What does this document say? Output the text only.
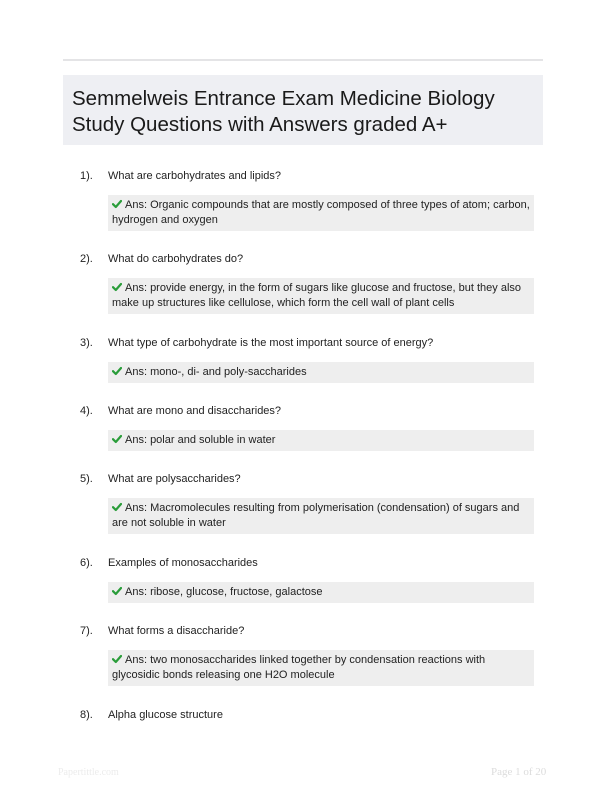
Semmelweis Entrance Exam Medicine Biology
Study Questions with Answers graded A+
1).	What are carbohydrates and lipids?
Ans: Organic compounds that are mostly composed of three types of atom; carbon, hydrogen and oxygen
2).	What do carbohydrates do?
Ans: provide energy, in the form of sugars like glucose and fructose, but they also make up structures like cellulose, which form the cell wall of plant cells
3).	What type of carbohydrate is the most important source of energy?
Ans: mono-, di- and poly-saccharides
4).	What are mono and disaccharides?
Ans: polar and soluble in water
5).	What are polysaccharides?
Ans: Macromolecules resulting from polymerisation (condensation) of sugars and are not soluble in water
6).	Examples of monosaccharides
Ans: ribose, glucose, fructose, galactose
7).	What forms a disaccharide?
Ans: two monosaccharides linked together by condensation reactions with glycosidic bonds releasing one H2O molecule
8).	Alpha glucose structure
Papertittle.com	Page 1 of 20
